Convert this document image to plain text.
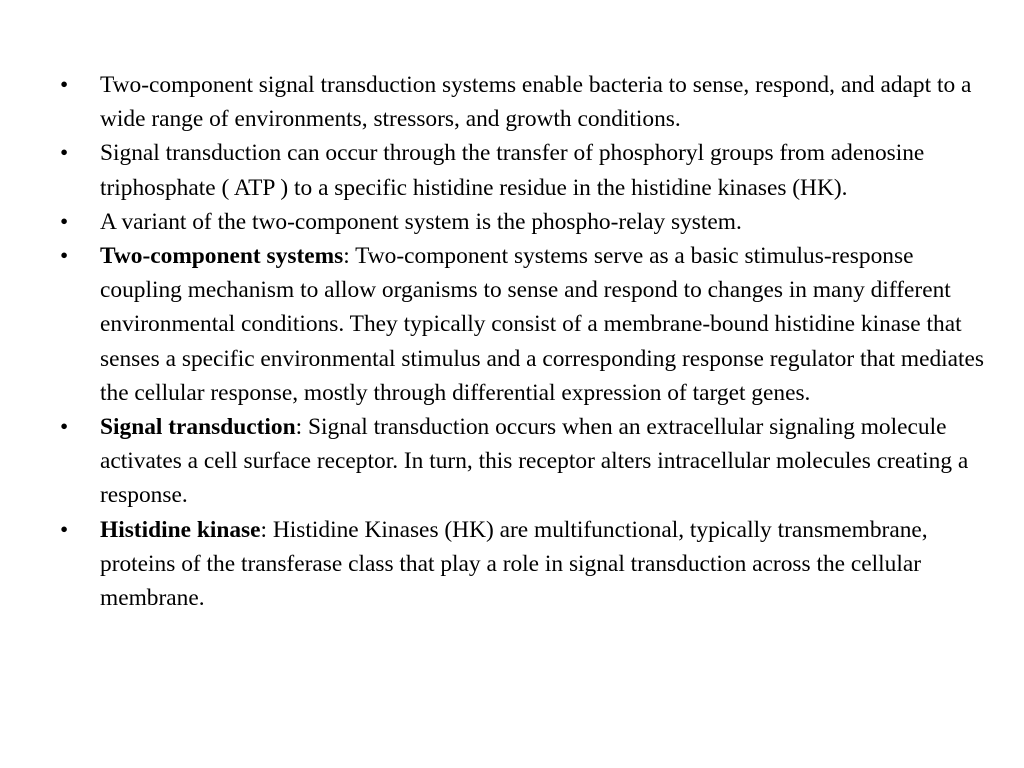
•	Two-component signal transduction systems enable bacteria to sense, respond, and adapt to a wide range of environments, stressors, and growth conditions.
•	Signal transduction can occur through the transfer of phosphoryl groups from adenosine triphosphate ( ATP ) to a specific histidine residue in the histidine kinases (HK).
•	A variant of the two-component system is the phospho-relay system.
•	Two-component systems: Two-component systems serve as a basic stimulus-response coupling mechanism to allow organisms to sense and respond to changes in many different environmental conditions. They typically consist of a membrane-bound histidine kinase that senses a specific environmental stimulus and a corresponding response regulator that mediates the cellular response, mostly through differential expression of target genes.
•	Signal transduction: Signal transduction occurs when an extracellular signaling molecule activates a cell surface receptor. In turn, this receptor alters intracellular molecules creating a response.
•	Histidine kinase: Histidine Kinases (HK) are multifunctional, typically transmembrane, proteins of the transferase class that play a role in signal transduction across the cellular membrane.
